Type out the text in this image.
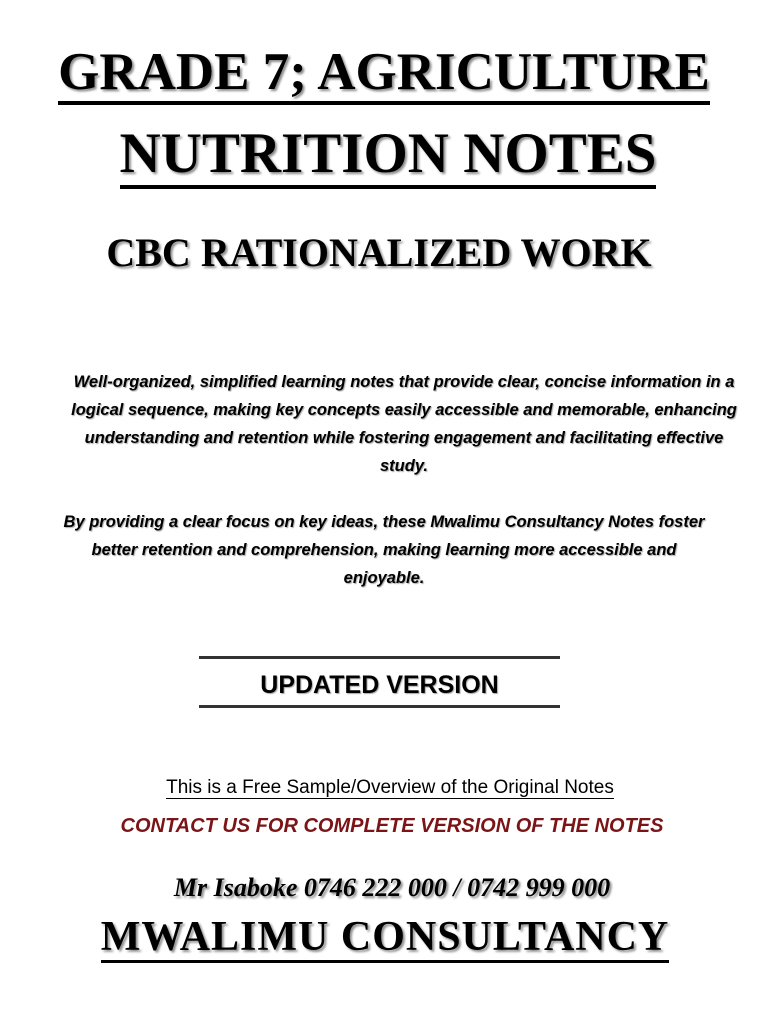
GRADE 7; AGRICULTURE
NUTRITION NOTES
CBC RATIONALIZED WORK
Well-organized, simplified learning notes that provide clear, concise information in a logical sequence, making key concepts easily accessible and memorable, enhancing understanding and retention while fostering engagement and facilitating effective study.
By providing a clear focus on key ideas, these Mwalimu Consultancy Notes foster better retention and comprehension, making learning more accessible and enjoyable.
UPDATED VERSION
This is a Free Sample/Overview of the Original Notes
CONTACT US FOR COMPLETE VERSION OF THE NOTES
Mr Isaboke 0746 222 000 / 0742 999 000
MWALIMU CONSULTANCY
